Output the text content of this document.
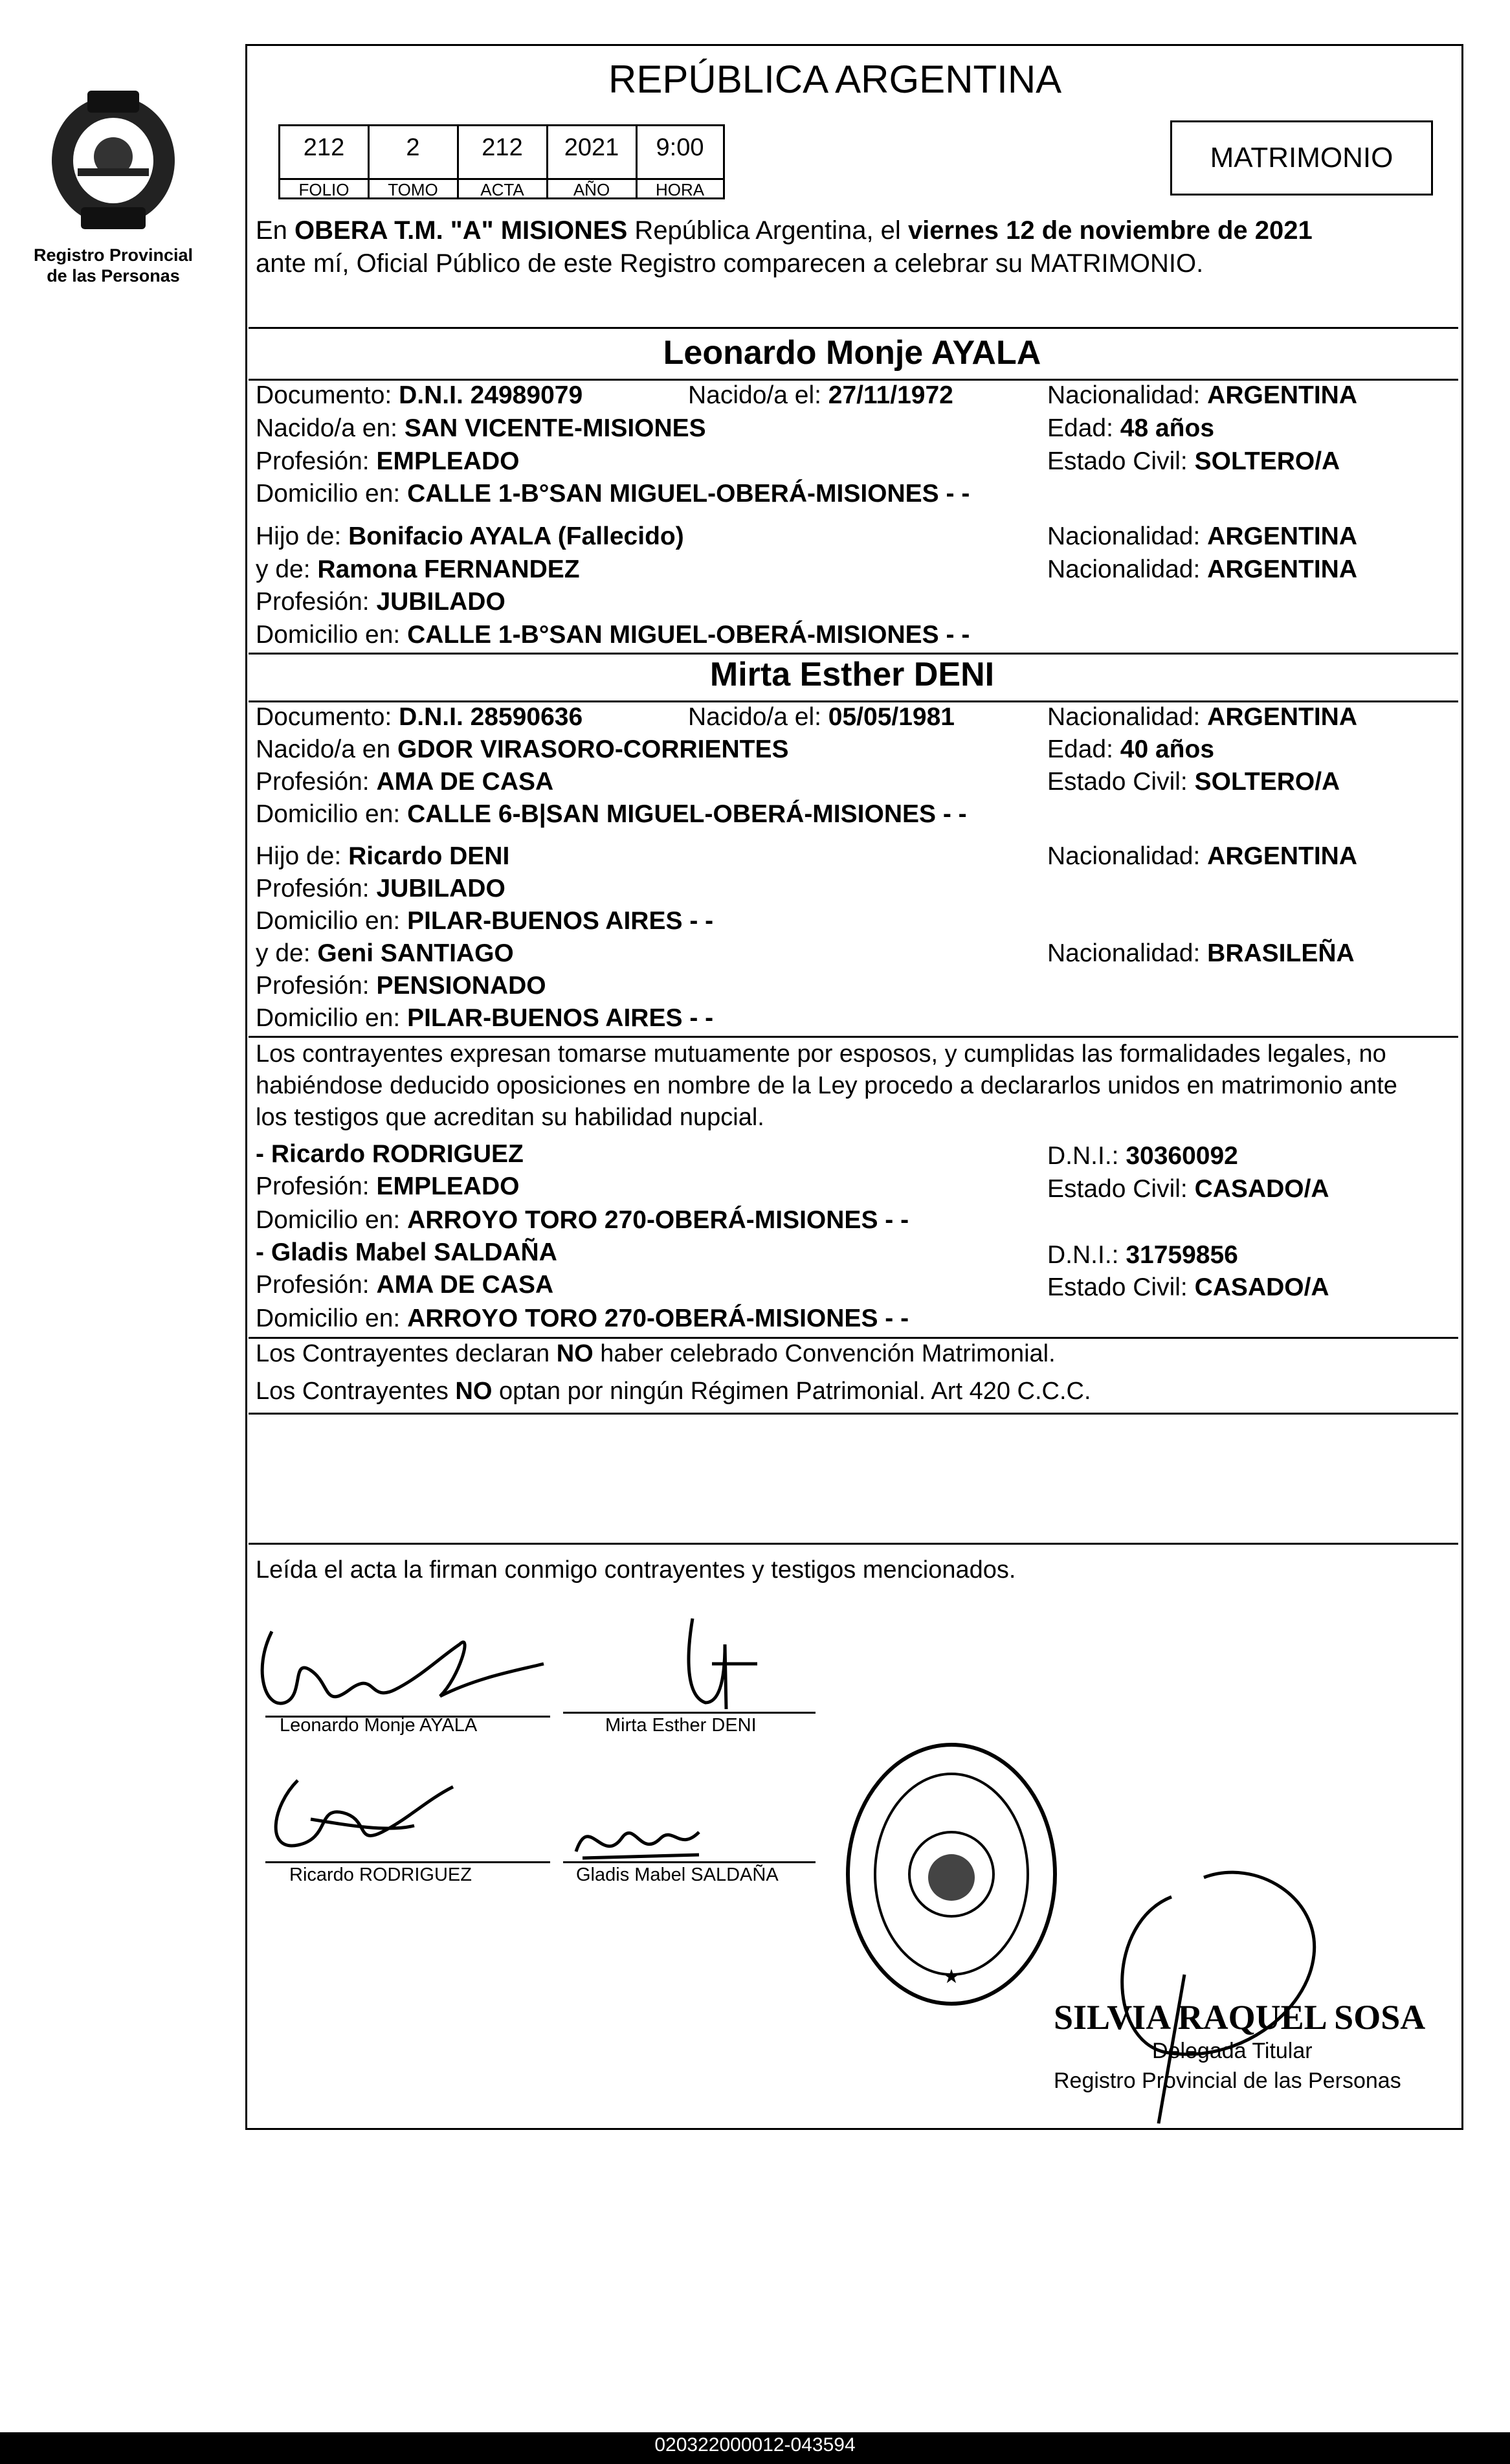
Registro Provincial
de las Personas
REPÚBLICA ARGENTINA
212	2	212	2021	9:00
FOLIO	TOMO	ACTA	AÑO	HORA
MATRIMONIO
En OBERA T.M. "A" MISIONES República Argentina, el viernes 12 de noviembre de 2021
ante mí, Oficial Público de este Registro comparecen a celebrar su MATRIMONIO.
Leonardo Monje AYALA
Documento: D.N.I. 24989079	Nacido/a el: 27/11/1972	Nacionalidad: ARGENTINA
Nacido/a en: SAN VICENTE-MISIONES	Edad: 48 años
Profesión: EMPLEADO	Estado Civil: SOLTERO/A
Domicilio en: CALLE 1-B°SAN MIGUEL-OBERÁ-MISIONES - -
Hijo de: Bonifacio AYALA (Fallecido)	Nacionalidad: ARGENTINA
y de: Ramona FERNANDEZ	Nacionalidad: ARGENTINA
Profesión: JUBILADO
Domicilio en: CALLE 1-B°SAN MIGUEL-OBERÁ-MISIONES - -
Mirta Esther DENI
Documento: D.N.I. 28590636	Nacido/a el: 05/05/1981	Nacionalidad: ARGENTINA
Nacido/a en GDOR VIRASORO-CORRIENTES	Edad: 40 años
Profesión: AMA DE CASA	Estado Civil: SOLTERO/A
Domicilio en: CALLE 6-B|SAN MIGUEL-OBERÁ-MISIONES - -
Hijo de: Ricardo DENI	Nacionalidad: ARGENTINA
Profesión: JUBILADO
Domicilio en: PILAR-BUENOS AIRES - -
y de: Geni SANTIAGO	Nacionalidad: BRASILEÑA
Profesión: PENSIONADO
Domicilio en: PILAR-BUENOS AIRES - -
Los contrayentes expresan tomarse mutuamente por esposos, y cumplidas las formalidades legales, no
habiéndose deducido oposiciones en nombre de la Ley procedo a declararlos unidos en matrimonio ante
los testigos que acreditan su habilidad nupcial.
- Ricardo RODRIGUEZ	D.N.I.: 30360092
Profesión: EMPLEADO	Estado Civil: CASADO/A
Domicilio en: ARROYO TORO 270-OBERÁ-MISIONES - -
- Gladis Mabel SALDAÑA	D.N.I.: 31759856
Profesión: AMA DE CASA	Estado Civil: CASADO/A
Domicilio en: ARROYO TORO 270-OBERÁ-MISIONES - -
Los Contrayentes declaran NO haber celebrado Convención Matrimonial.
Los Contrayentes NO optan por ningún Régimen Patrimonial. Art 420 C.C.C.
Leída el acta la firman conmigo contrayentes y testigos mencionados.
Leonardo Monje AYALA	Mirta Esther DENI
Ricardo RODRIGUEZ	Gladis Mabel SALDAÑA
★
SILVIA RAQUEL SOSA
Delegada Titular
Registro Provincial de las Personas
020322000012-043594
